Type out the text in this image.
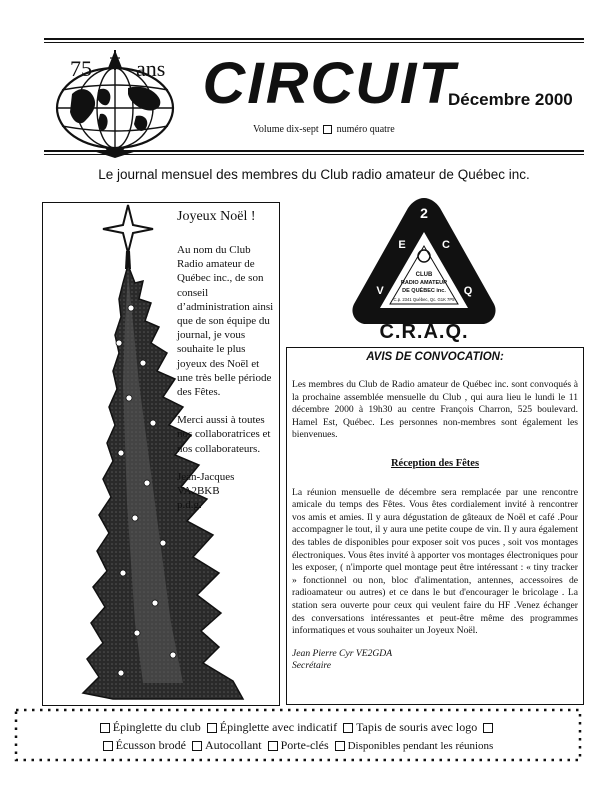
75 ans CIRCUIT
Décembre 2000
Volume dix-sept numéro quatre
Le journal mensuel des membres du Club radio amateur de Québec inc.
Joyeux Noël !

Au nom du Club Radio amateur de Québec inc., de son conseil d’administration ainsi que de son équipe du journal, je vous souhaite le plus joyeux des Noël et une très belle période des Fêtes.

Merci aussi à toutes nos collaboratrices et nos collaborateurs.

Jean-Jacques
VA2BKB
p.d.g.
2
E	C
V	Q
CLUB
RADIO AMATEUR
DE QUÉBEC inc.
C.p. 2341 Québec, Qc. G1K 7P5
C.R.A.Q.
AVIS DE CONVOCATION:

Les membres du Club de Radio amateur de Québec inc. sont convoqués à la prochaine assemblée mensuelle du Club , qui aura lieu le lundi le 11 décembre 2000 à 19h30 au centre François Charron, 525 boulevard. Hamel Est, Québec. Les personnes non-membres sont également les bienvenues.

Réception des Fêtes

La réunion mensuelle de décembre sera remplacée par une rencontre amicale du temps des Fêtes. Vous êtes cordialement invité à rencontrer vos amis et amies. Il y aura dégustation de gâteaux de Noël et café .Pour accompagner le tout, il y aura une petite coupe de vin. Il y aura également des tables de disponibles pour exposer soit vos puces , soit vos montages électroniques. Vous êtes invité à apporter vos montages électroniques pour les exposer, ( n'importe quel montage peut être intéressant : « tiny tracker » fonctionnel ou non, bloc d'alimentation, antennes, accessoires de radioamateur ou autres) et ce dans le but d'encourager le bricolage . La station sera ouverte pour ceux qui veulent faire du HF .Venez échanger des conversations intéressantes et peut-être même des programmes informatiques et vous souhaiter un Joyeux Noël.

Jean Pierre Cyr VE2GDA

Secrétaire

Épinglette du club Épinglette avec indicatif Tapis de souris avec logo
Écusson brodé Autocollant Porte-clés Disponibles pendant les réunions
